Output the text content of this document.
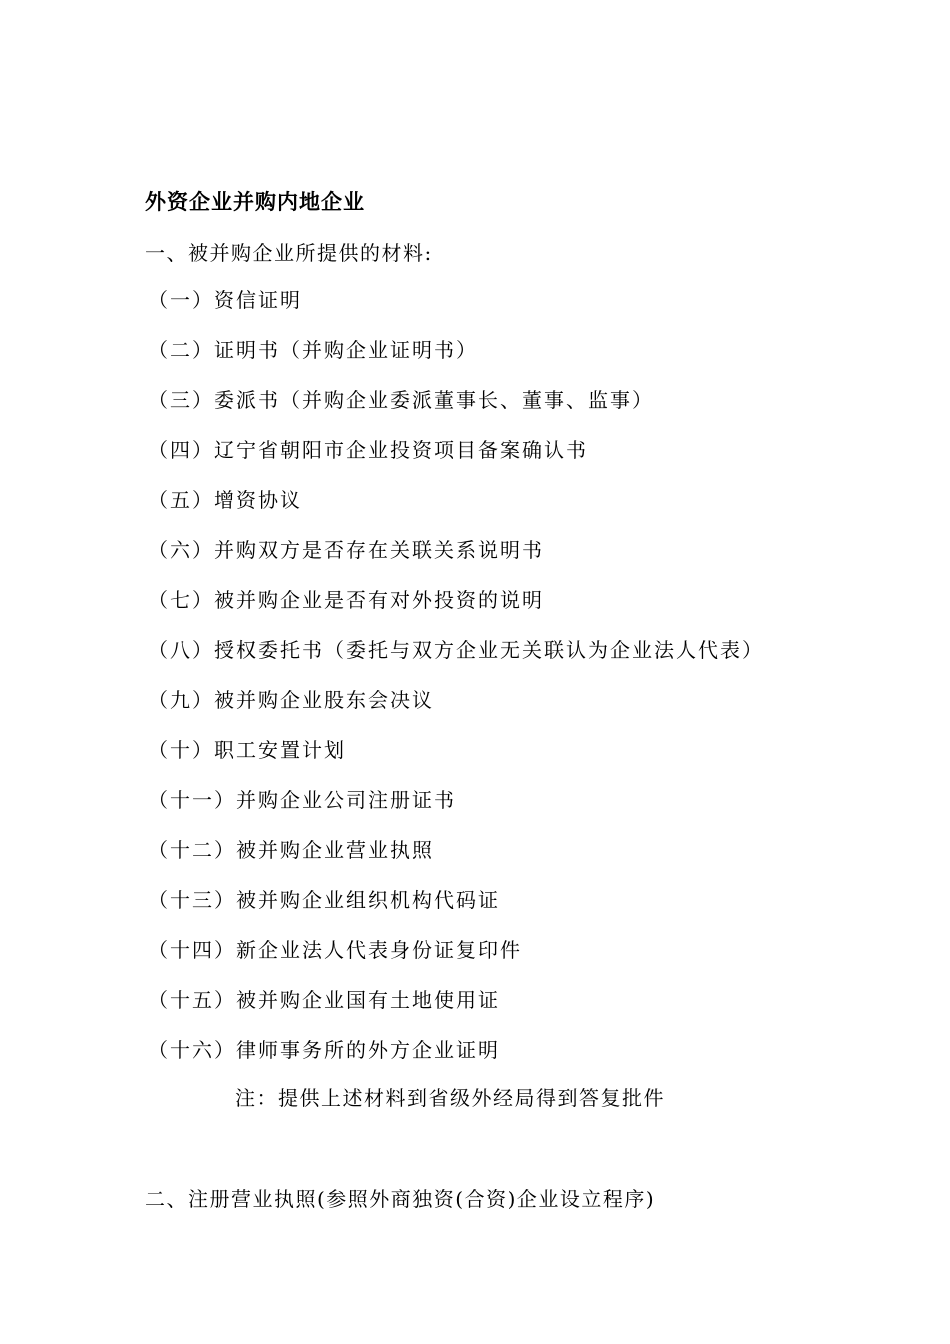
外资企业并购内地企业
一、被并购企业所提供的材料:
（一）资信证明
（二）证明书（并购企业证明书）
（三）委派书（并购企业委派董事长、董事、监事）
（四）辽宁省朝阳市企业投资项目备案确认书
（五）增资协议
（六）并购双方是否存在关联关系说明书
（七）被并购企业是否有对外投资的说明
（八）授权委托书（委托与双方企业无关联认为企业法人代表）
（九）被并购企业股东会决议
（十）职工安置计划
（十一）并购企业公司注册证书
（十二）被并购企业营业执照
（十三）被并购企业组织机构代码证
（十四）新企业法人代表身份证复印件
（十五）被并购企业国有土地使用证
（十六）律师事务所的外方企业证明
注：提供上述材料到省级外经局得到答复批件
二、注册营业执照(参照外商独资(合资)企业设立程序)
